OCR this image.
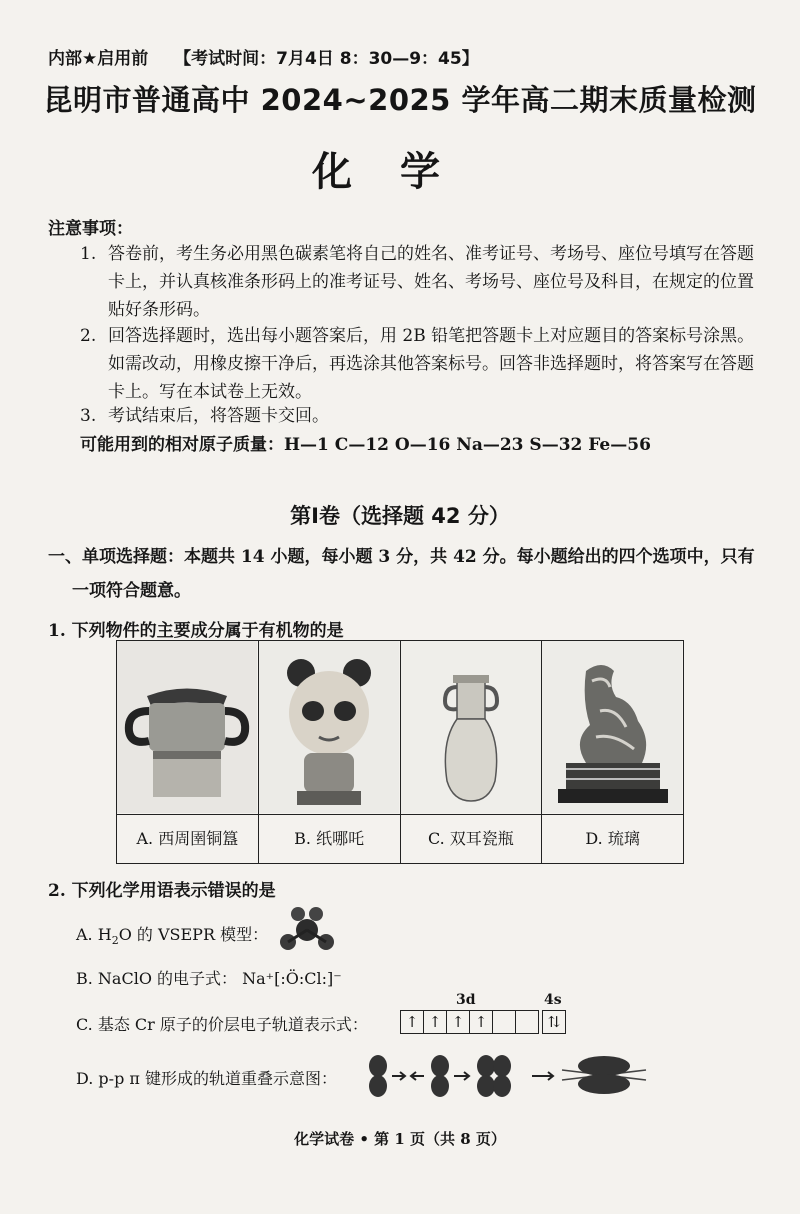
内部★启用前 【考试时间：7月4日 8：30—9：45】
昆明市普通高中 2024~2025 学年高二期末质量检测
化学
注意事项：
1. 答卷前，考生务必用黑色碳素笔将自己的姓名、准考证号、考场号、座位号填写在答题卡上，并认真核准条形码上的准考证号、姓名、考场号、座位号及科目，在规定的位置贴好条形码。
2. 回答选择题时，选出每小题答案后，用 2B 铅笔把答题卡上对应题目的答案标号涂黑。如需改动，用橡皮擦干净后，再选涂其他答案标号。回答非选择题时，将答案写在答题卡上。写在本试卷上无效。
3. 考试结束后，将答题卡交回。
可能用到的相对原子质量：H—1 C—12 O—16 Na—23 S—32 Fe—56
第Ⅰ卷（选择题 42 分）
一、单项选择题：本题共 14 小题，每小题 3 分，共 42 分。每小题给出的四个选项中，只有
一项符合题意。
1. 下列物件的主要成分属于有机物的是
A. 西周圉铜簋	B. 纸哪吒	C. 双耳瓷瓶	D. 琉璃
2. 下列化学用语表示错误的是
A. $H_2O$ 的 VSEPR 模型：
B. NaClO 的电子式： Na⁺[:Ö:Cl:]⁻
3d	4s
C. 基态 Cr 原子的价层电子轨道表示式：	↑ ↑ ↑ ↑	⇅
D. p-p π 键形成的轨道重叠示意图：
化学试卷 • 第 1 页（共 8 页）
